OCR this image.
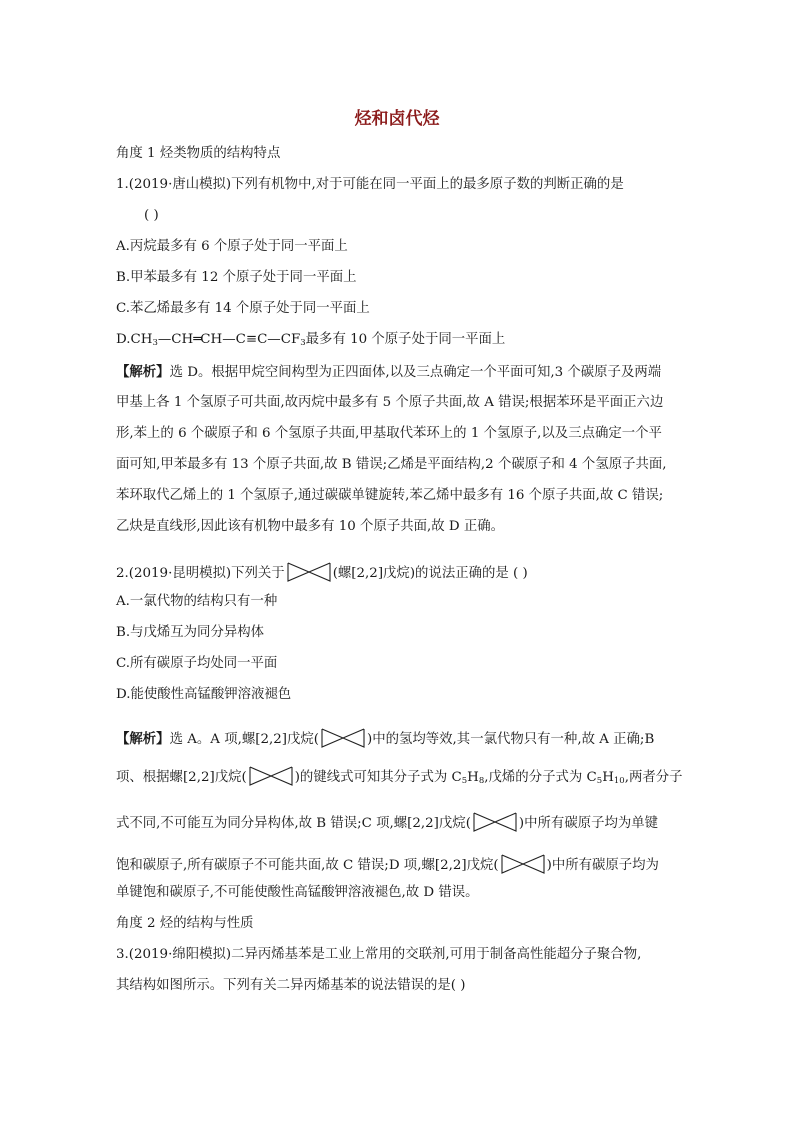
烃和卤代烃
角度 1 烃类物质的结构特点
1.(2019·唐山模拟)下列有机物中,对于可能在同一平面上的最多原子数的判断正确的是
( )
A.丙烷最多有 6 个原子处于同一平面上
B.甲苯最多有 12 个原子处于同一平面上
C.苯乙烯最多有 14 个原子处于同一平面上
$D.CH_3—CH═CH—C\equiv C—CF_3$最多有 10 个原子处于同一平面上
【解析】选 D。根据甲烷空间构型为正四面体,以及三点确定一个平面可知,3 个碳原子及两端
甲基上各 1 个氢原子可共面,故丙烷中最多有 5 个原子共面,故 A 错误;根据苯环是平面正六边
形,苯上的 6 个碳原子和 6 个氢原子共面,甲基取代苯环上的 1 个氢原子,以及三点确定一个平
面可知,甲苯最多有 13 个原子共面,故 B 错误;乙烯是平面结构,2 个碳原子和 4 个氢原子共面,
苯环取代乙烯上的 1 个氢原子,通过碳碳单键旋转,苯乙烯中最多有 16 个原子共面,故 C 错误;
乙炔是直线形,因此该有机物中最多有 10 个原子共面,故 D 正确。
2.(2019·昆明模拟)下列关于	(螺[2,2]戊烷)的说法正确的是 ( )
A.一氯代物的结构只有一种
B.与戊烯互为同分异构体
C.所有碳原子均处同一平面
D.能使酸性高锰酸钾溶液褪色
【解析】选 A。A 项,螺[2,2]戊烷(	)中的氢均等效,其一氯代物只有一种,故 A 正确;B
项、根据螺[2,2]戊烷(	)的键线式可知其分子式为 $C_5H_8$,戊烯的分子式为 $C_5H_{10}$,两者分子
式不同,不可能互为同分异构体,故 B 错误;C 项,螺[2,2]戊烷(	)中所有碳原子均为单键
饱和碳原子,所有碳原子不可能共面,故 C 错误;D 项,螺[2,2]戊烷(	)中所有碳原子均为
单键饱和碳原子,不可能使酸性高锰酸钾溶液褪色,故 D 错误。
角度 2 烃的结构与性质
3.(2019·绵阳模拟)二异丙烯基苯是工业上常用的交联剂,可用于制备高性能超分子聚合物,
其结构如图所示。下列有关二异丙烯基苯的说法错误的是( )
